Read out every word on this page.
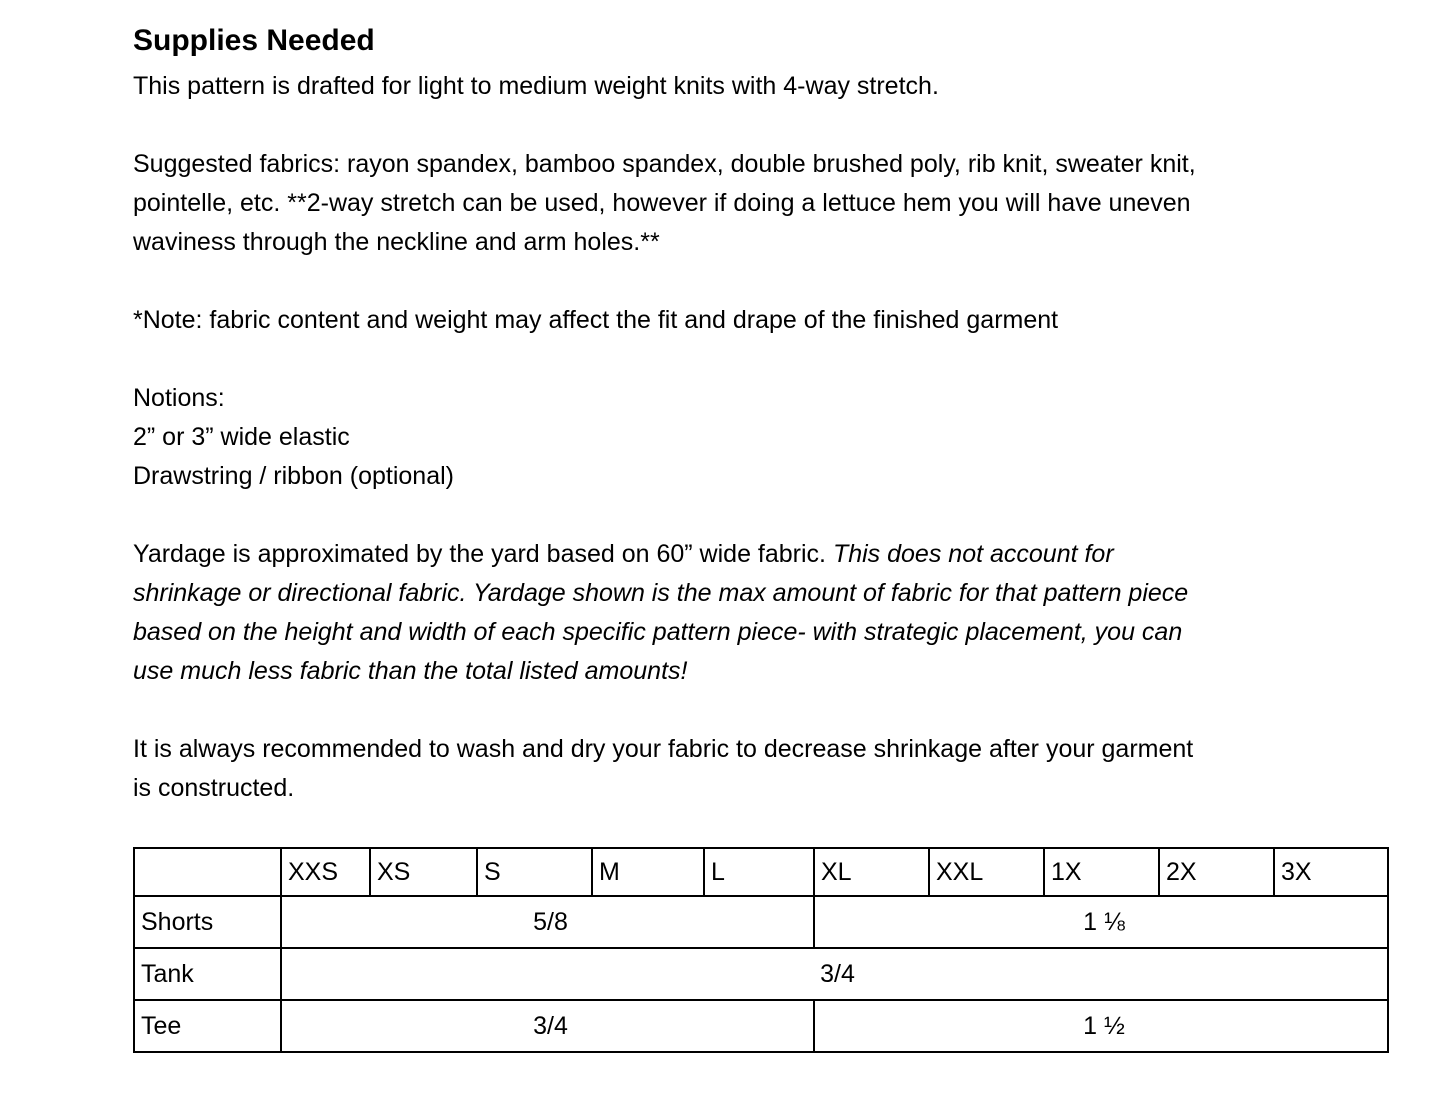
Supplies Needed

This pattern is drafted for light to medium weight knits with 4-way stretch.

Suggested fabrics: rayon spandex, bamboo spandex, double brushed poly, rib knit, sweater knit,
pointelle, etc. **2-way stretch can be used, however if doing a lettuce hem you will have uneven
waviness through the neckline and arm holes.**

*Note: fabric content and weight may affect the fit and drape of the finished garment

Notions:
2” or 3” wide elastic
Drawstring / ribbon (optional)

Yardage is approximated by the yard based on 60” wide fabric. This does not account for
shrinkage or directional fabric. Yardage shown is the max amount of fabric for that pattern piece
based on the height and width of each specific pattern piece- with strategic placement, you can
use much less fabric than the total listed amounts!

It is always recommended to wash and dry your fabric to decrease shrinkage after your garment
is constructed.

	XXS	XS	S	M	L	XL	XXL	1X	2X	3X
Shorts	5/8					1 ⅛				
Tank	3/4									
Tee	3/4					1 ½				
